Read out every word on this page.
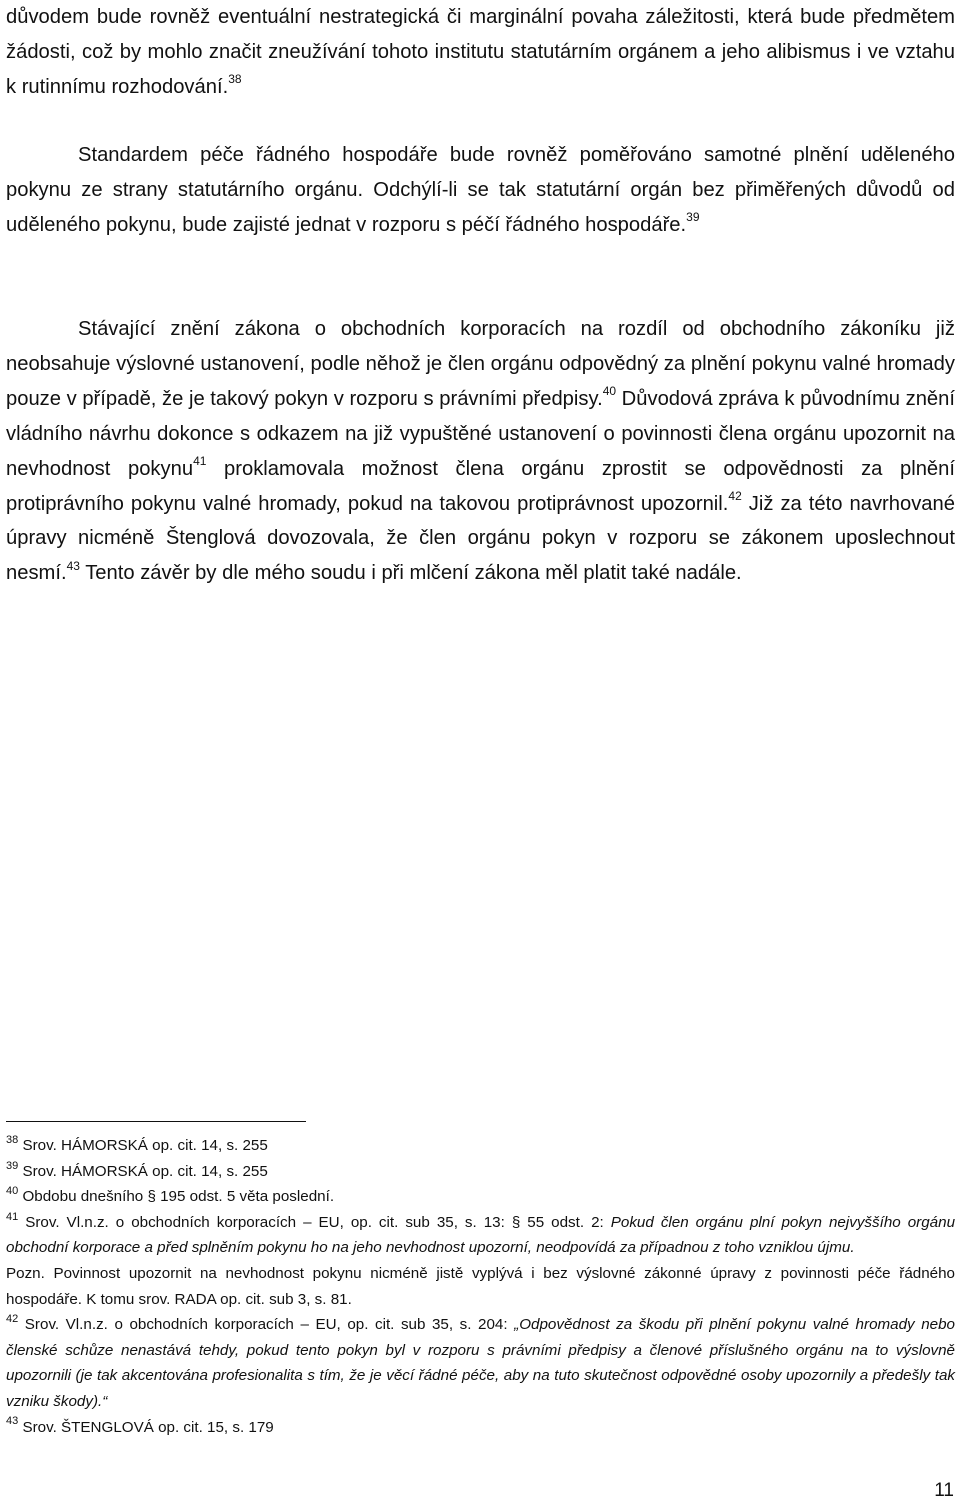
důvodem bude rovněž eventuální nestrategická či marginální povaha záležitosti, která bude předmětem žádosti, což by mohlo značit zneužívání tohoto institutu statutárním orgánem a jeho alibismus i ve vztahu k rutinnímu rozhodování.$^{38}$

Standardem péče řádného hospodáře bude rovněž poměřováno samotné plnění uděleného pokynu ze strany statutárního orgánu. Odchýlí-li se tak statutární orgán bez přiměřených důvodů od uděleného pokynu, bude zajisté jednat v rozporu s péčí řádného hospodáře.$^{39}$

Stávající znění zákona o obchodních korporacích na rozdíl od obchodního zákoníku již neobsahuje výslovné ustanovení, podle něhož je člen orgánu odpovědný za plnění pokynu valné hromady pouze v případě, že je takový pokyn v rozporu s právními předpisy.$^{40}$ Důvodová zpráva k původnímu znění vládního návrhu dokonce s odkazem na již vypuštěné ustanovení o povinnosti člena orgánu upozornit na nevhodnost pokynu$^{41}$ proklamovala možnost člena orgánu zprostit se odpovědnosti za plnění protiprávního pokynu valné hromady, pokud na takovou protiprávnost upozornil.$^{42}$ Již za této navrhované úpravy nicméně Štenglová dovozovala, že člen orgánu pokyn v rozporu se zákonem uposlechnout nesmí.$^{43}$ Tento závěr by dle mého soudu i při mlčení zákona měl platit také nadále.

$^{38}$ Srov. HÁMORSKÁ op. cit. 14, s. 255

$^{39}$ Srov. HÁMORSKÁ op. cit. 14, s. 255

$^{40}$ Obdobu dnešního § 195 odst. 5 věta poslední.

$^{41}$ Srov. Vl.n.z. o obchodních korporacích – EU, op. cit. sub 35, s. 13: § 55 odst. 2: Pokud člen orgánu plní pokyn nejvyššího orgánu obchodní korporace a před splněním pokynu ho na jeho nevhodnost upozorní, neodpovídá za případnou z toho vzniklou újmu.

Pozn. Povinnost upozornit na nevhodnost pokynu nicméně jistě vyplývá i bez výslovné zákonné úpravy z povinnosti péče řádného hospodáře. K tomu srov. RADA op. cit. sub 3, s. 81.

$^{42}$ Srov. Vl.n.z. o obchodních korporacích – EU, op. cit. sub 35, s. 204: „Odpovědnost za škodu při plnění pokynu valné hromady nebo členské schůze nenastává tehdy, pokud tento pokyn byl v rozporu s právními předpisy a členové příslušného orgánu na to výslovně upozornili (je tak akcentována profesionalita s tím, že je věcí řádné péče, aby na tuto skutečnost odpovědné osoby upozornily a předešly tak vzniku škody).“

$^{43}$ Srov. ŠTENGLOVÁ op. cit. 15, s. 179

11
